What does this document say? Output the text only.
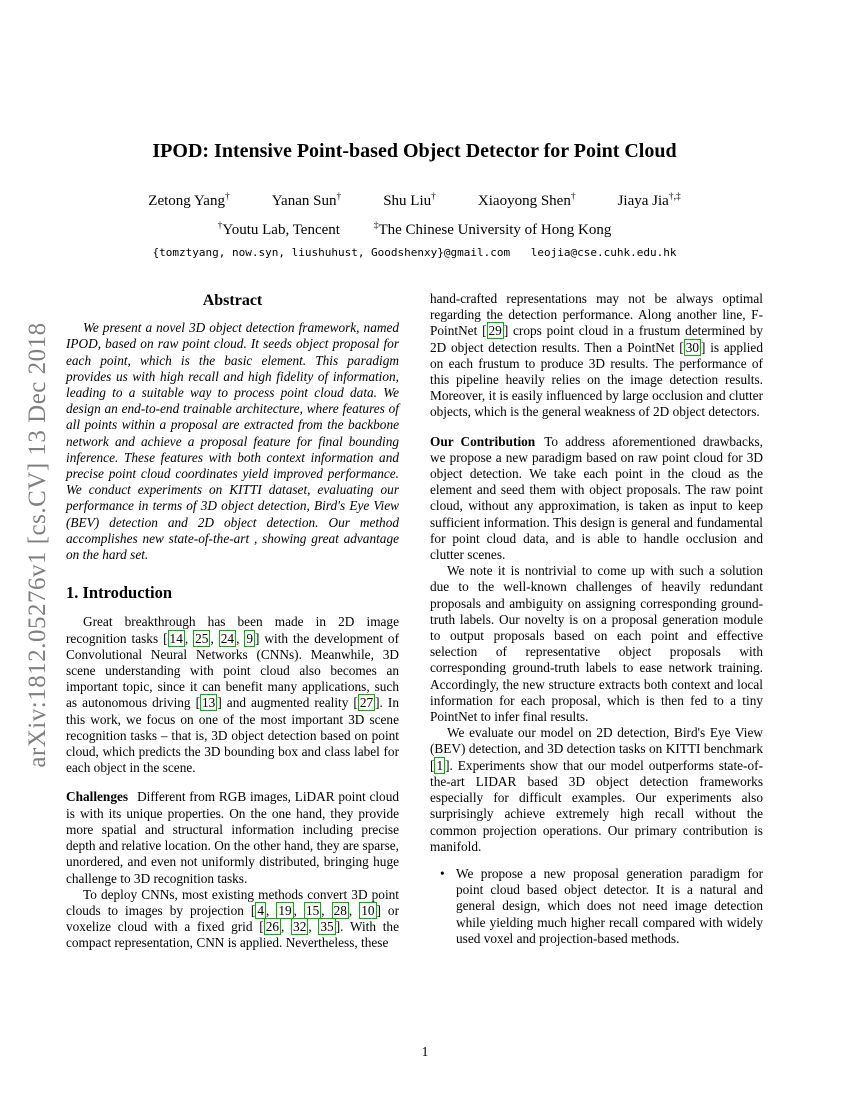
arXiv:1812.05276v1 [cs.CV] 13 Dec 2018
IPOD: Intensive Point-based Object Detector for Point Cloud
Zetong Yang†	Yanan Sun†	Shu Liu†	Xiaoyong Shen†	Jiaya Jia†,‡
†Youtu Lab, Tencent	‡The Chinese University of Hong Kong
{tomztyang, now.syn, liushuhust, Goodshenxy}@gmail.com leojia@cse.cuhk.edu.hk
Abstract

We present a novel 3D object detection framework, named IPOD, based on raw point cloud. It seeds object proposal for each point, which is the basic element. This paradigm provides us with high recall and high fidelity of information, leading to a suitable way to process point cloud data. We design an end-to-end trainable architecture, where features of all points within a proposal are extracted from the backbone network and achieve a proposal feature for final bounding inference. These features with both context information and precise point cloud coordinates yield improved performance. We conduct experiments on KITTI dataset, evaluating our performance in terms of 3D object detection, Bird's Eye View (BEV) detection and 2D object detection. Our method accomplishes new state-of-the-art , showing great advantage on the hard set.

1. Introduction

Great breakthrough has been made in 2D image recognition tasks [ 14 , 25 , 24 , 9 ] with the development of Convolutional Neural Networks (CNNs). Meanwhile, 3D scene understanding with point cloud also becomes an important topic, since it can benefit many applications, such as autonomous driving [ 13 ] and augmented reality [ 27 ]. In this work, we focus on one of the most important 3D scene recognition tasks – that is, 3D object detection based on point cloud, which predicts the 3D bounding box and class label for each object in the scene.

Challenges Different from RGB images, LiDAR point cloud is with its unique properties. On the one hand, they provide more spatial and structural information including precise depth and relative location. On the other hand, they are sparse, unordered, and even not uniformly distributed, bringing huge challenge to 3D recognition tasks.

To deploy CNNs, most existing methods convert 3D point clouds to images by projection [ 4 , 19 , 15 , 28 , 10 ] or voxelize cloud with a fixed grid [ 26 , 32 , 35 ]. With the compact representation, CNN is applied. Nevertheless, these

hand-crafted representations may not be always optimal regarding the detection performance. Along another line, F-PointNet [ 29 ] crops point cloud in a frustum determined by 2D object detection results. Then a PointNet [ 30 ] is applied on each frustum to produce 3D results. The performance of this pipeline heavily relies on the image detection results. Moreover, it is easily influenced by large occlusion and clutter objects, which is the general weakness of 2D object detectors.

Our Contribution To address aforementioned drawbacks, we propose a new paradigm based on raw point cloud for 3D object detection. We take each point in the cloud as the element and seed them with object proposals. The raw point cloud, without any approximation, is taken as input to keep sufficient information. This design is general and fundamental for point cloud data, and is able to handle occlusion and clutter scenes.

We note it is nontrivial to come up with such a solution due to the well-known challenges of heavily redundant proposals and ambiguity on assigning corresponding ground-truth labels. Our novelty is on a proposal generation module to output proposals based on each point and effective selection of representative object proposals with corresponding ground-truth labels to ease network training. Accordingly, the new structure extracts both context and local information for each proposal, which is then fed to a tiny PointNet to infer final results.

We evaluate our model on 2D detection, Bird's Eye View (BEV) detection, and 3D detection tasks on KITTI benchmark [ 1 ]. Experiments show that our model outperforms state-of-the-art LIDAR based 3D object detection frameworks especially for difficult examples. Our experiments also surprisingly achieve extremely high recall without the common projection operations. Our primary contribution is manifold.

• We propose a new proposal generation paradigm for point cloud based object detector. It is a natural and general design, which does not need image detection while yielding much higher recall compared with widely used voxel and projection-based methods.
1
